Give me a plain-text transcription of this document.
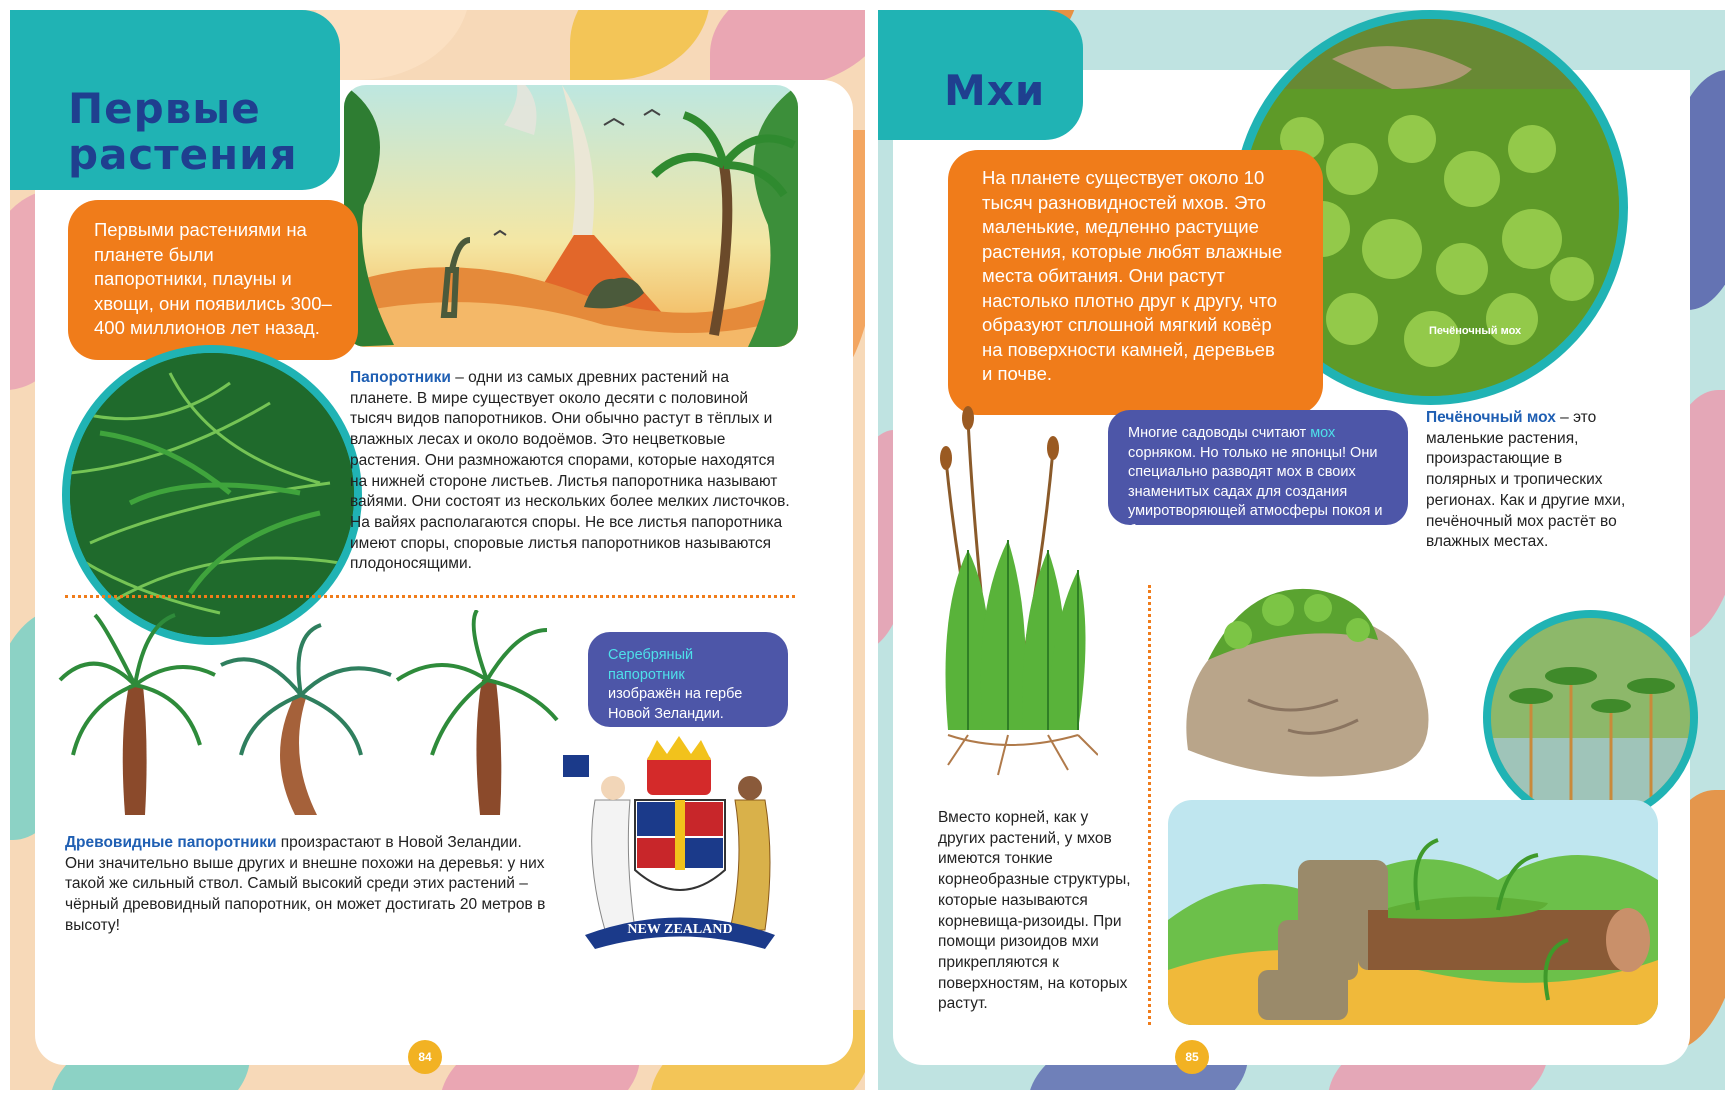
Первые
растения
Первыми растениями на планете были папоротники, плауны и хвощи, они появились 300–400 миллионов лет назад.

Папоротники – одни из самых древних растений на планете. В мире существует около десяти с половиной тысяч видов папоротников. Они обычно растут в тёплых и влажных лесах и около водоёмов. Это нецветковые растения. Они размножаются спорами, которые находятся на нижней стороне листьев. Листья папоротника называют вайями. Они состоят из нескольких более мелких листочков. На вайях располагаются споры. Не все листья папоротника имеют споры, споровые листья папоротников называются плодоносящими.

Серебряный папоротник
изображён на гербе Новой Зеландии.
NEW ZEALAND

Древовидные папоротники произрастают в Новой Зеландии. Они значительно выше других и внешне похожи на деревья: у них такой же сильный ствол. Самый высокий среди этих растений – чёрный древовидный папоротник, он может достигать 20 метров в высоту!

84
Мхи
Печёночный мох
На планете существует около 10 тысяч разновидностей мхов. Это маленькие, медленно растущие растения, которые любят влажные места обитания. Они растут настолько плотно друг к другу, что образуют сплошной мягкий ковёр на поверхности камней, деревьев и почве.
Многие садоводы считают мох сорняком. Но только не японцы! Они специально разводят мох в своих знаменитых садах для создания умиротворяющей атмосферы покоя и безмятежности.

Печёночный мох – это маленькие растения, произрастающие в полярных и тропических регионах. Как и другие мхи, печёночный мох растёт во влажных местах.

Вместо корней, как у других растений, у мхов имеются тонкие корнеобразные структуры, которые называются корневища-ризоиды. При помощи ризоидов мхи прикрепляются к поверхностям, на которых растут.

85
